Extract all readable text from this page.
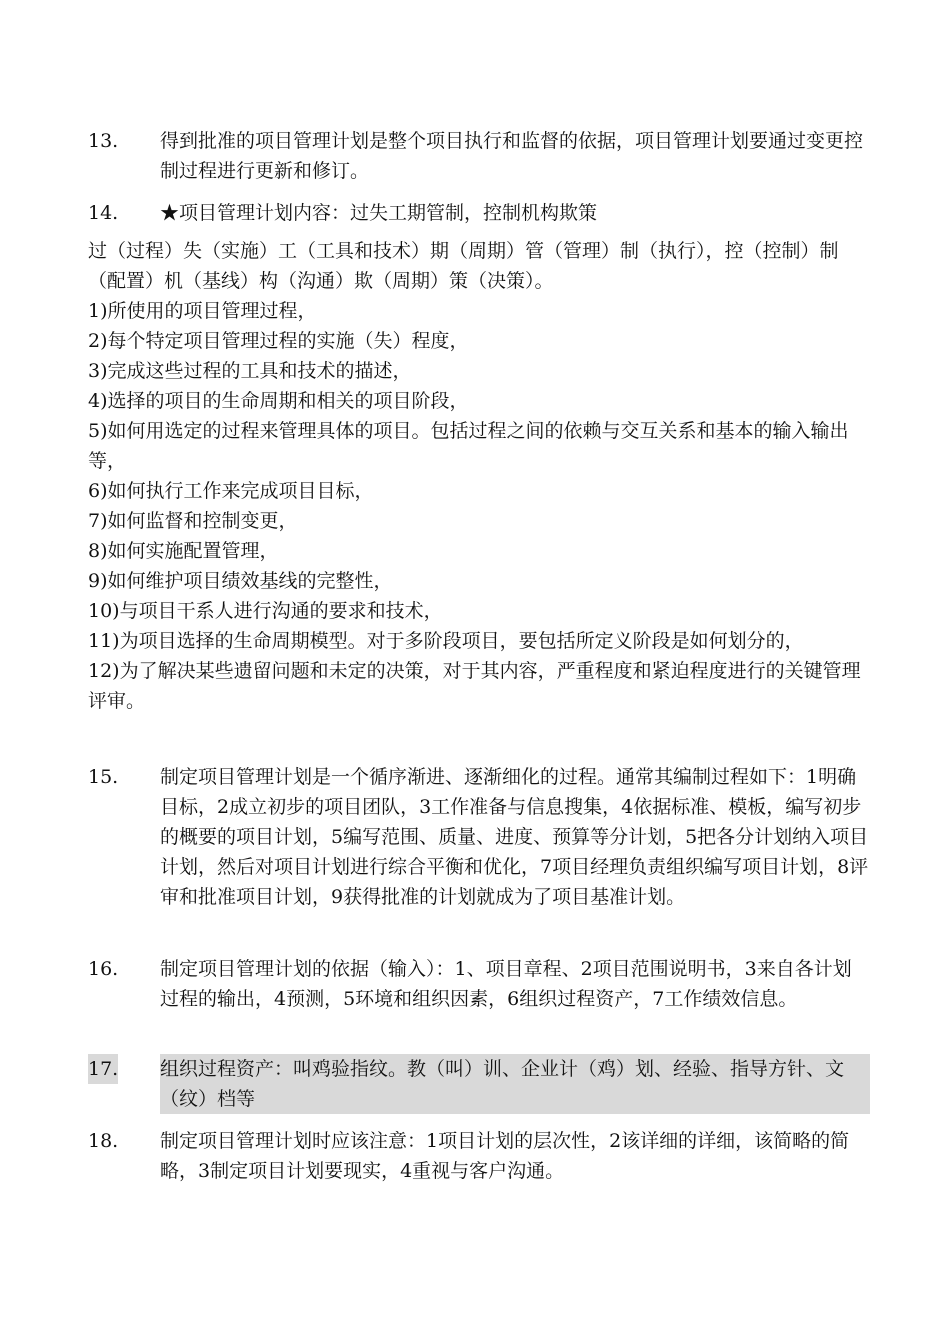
13. 得到批准的项目管理计划是整个项目执行和监督的依据，项目管理计划要通过变更控制过程进行更新和修订。
14. ★项目管理计划内容：过失工期管制，控制机构欺策
过（过程）失（实施）工（工具和技术）期（周期）管（管理）制（执行），控（控制）制（配置）机（基线）构（沟通）欺（周期）策（决策）。
1)所使用的项目管理过程，
2)每个特定项目管理过程的实施（失）程度，
3)完成这些过程的工具和技术的描述，
4)选择的项目的生命周期和相关的项目阶段，
5)如何用选定的过程来管理具体的项目。包括过程之间的依赖与交互关系和基本的输入输出等，
6)如何执行工作来完成项目目标，
7)如何监督和控制变更，
8)如何实施配置管理，
9)如何维护项目绩效基线的完整性，
10)与项目干系人进行沟通的要求和技术，
11)为项目选择的生命周期模型。对于多阶段项目，要包括所定义阶段是如何划分的，
12)为了解决某些遗留问题和未定的决策，对于其内容，严重程度和紧迫程度进行的关键管理评审。
15. 制定项目管理计划是一个循序渐进、逐渐细化的过程。通常其编制过程如下：1明确目标，2成立初步的项目团队，3工作准备与信息搜集，4依据标准、模板，编写初步的概要的项目计划，5编写范围、质量、进度、预算等分计划，5把各分计划纳入项目计划，然后对项目计划进行综合平衡和优化，7项目经理负责组织编写项目计划，8评审和批准项目计划，9获得批准的计划就成为了项目基准计划。
16. 制定项目管理计划的依据（输入）：1、项目章程、2项目范围说明书，3来自各计划过程的输出，4预测，5环境和组织因素，6组织过程资产，7工作绩效信息。
17. 组织过程资产：叫鸡验指纹。教（叫）训、企业计（鸡）划、经验、指导方针、文（纹）档等
18. 制定项目管理计划时应该注意：1项目计划的层次性，2该详细的详细，该简略的简略，3制定项目计划要现实，4重视与客户沟通。
